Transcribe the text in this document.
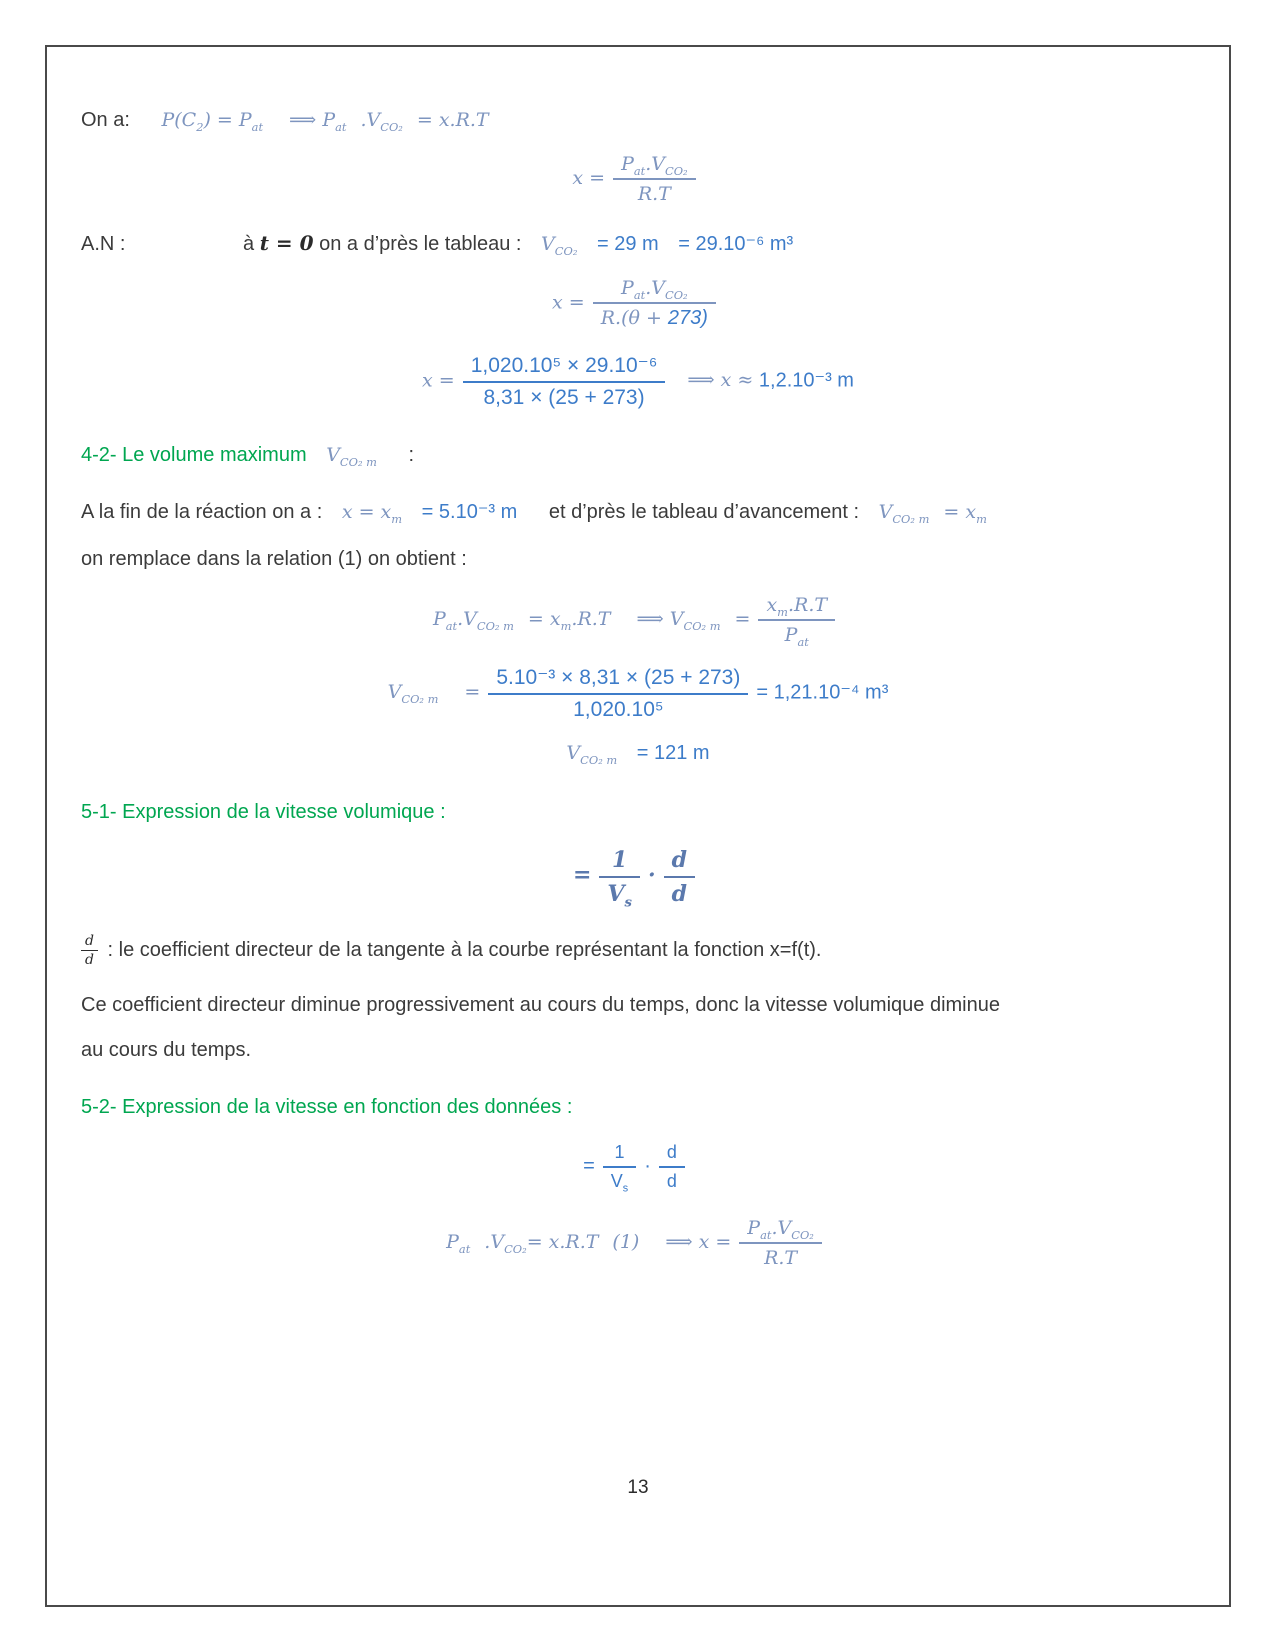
On a: $P(C_2) = P_{at}$ ⟹ $P_{at}$ $.V_{CO_2} = x.R.T$
$x = \frac{P_{at}.V_{CO_2}}{R.T}$
A.N :	à t = 0 on a d’près le tableau : $V_{CO_2} = 29$ m = 29.10⁻⁶ m³
$x = \frac{P_{at}.V_{CO_2}}{R.(\theta + 273)}$
$x = \frac{\text{1,020.10⁵ × 29.10⁻⁶}}{8,31 \times (25 + 273)}$ ⟹ x ≈ 1,2.10⁻³ m
4-2- Le volume maximum $V_{CO_2 m}$ :
A la fin de la réaction on a : $x = x_m = 5.10^{-3}$ m et d’près le tableau d’avancement : $V_{CO_2 m} = x_m$
on remplace dans la relation (1) on obtient :
$P_{at}.V_{CO_2 m} = x_m.R.T$ ⟹ $V_{CO_2 m} = \frac{x_m.R.T}{P_{at}}$
$V_{CO_2 m} = \frac{\text{5.10⁻³ × 8,31 × (25 + 273)}}{\text{1,020.10⁵}} = 1,21.10^{-4}$ m³
$V_{CO_2 m} = 121$ m
5-1- Expression de la vitesse volumique :
= $\frac{1}{V_s} \cdot \frac{d}{d}$
$\frac{d}{d}$ : le coefficient directeur de la tangente à la courbe représentant la fonction x=f(t).
Ce coefficient directeur diminue progressivement au cours du temps, donc la vitesse volumique diminue
au cours du temps.
5-2- Expression de la vitesse en fonction des données :
= $\frac{1}{V_s} \cdot \frac{d}{d}$
$P_{at}$ $.V_{CO_2}= x.R.T$ (1) ⟹ $x = \frac{P_{at}.V_{CO_2}}{R.T}$
13
